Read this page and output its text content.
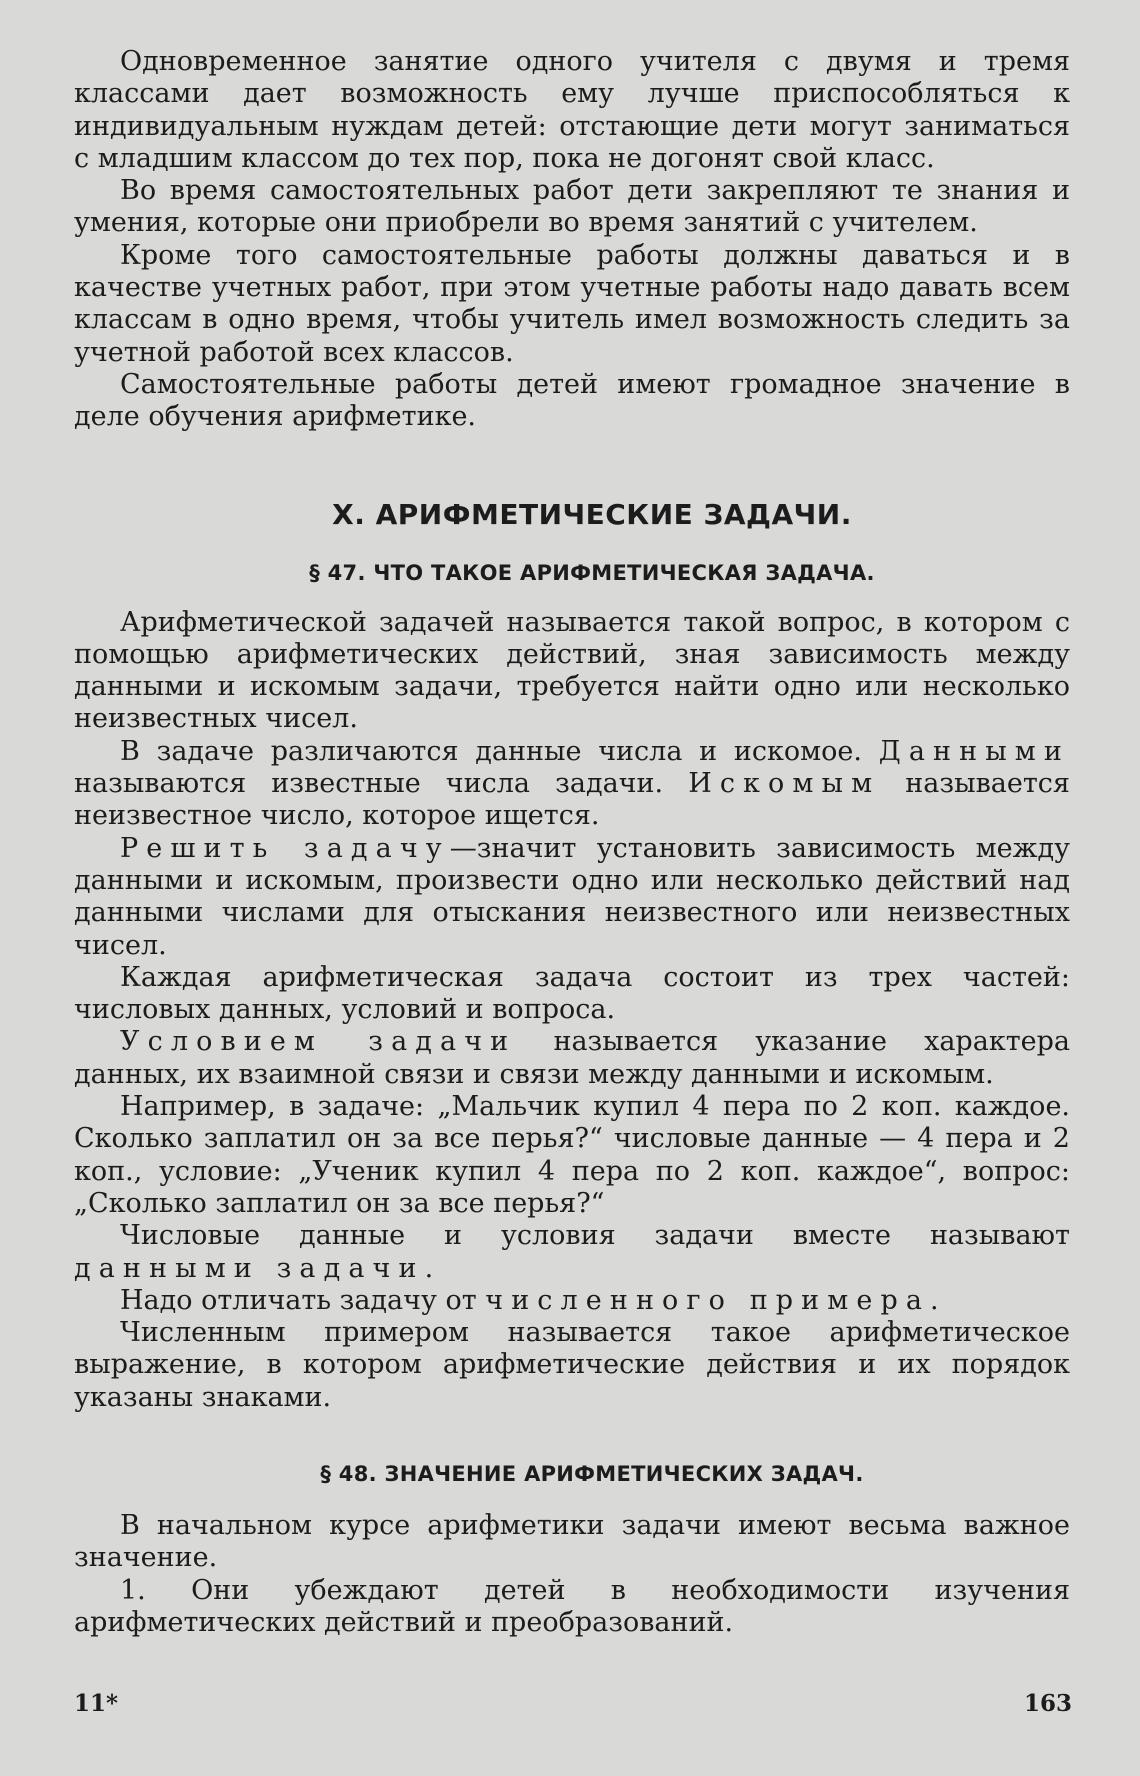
Одновременное занятие одного учителя с двумя и тремя классами дает возможность ему лучше приспособляться к индивидуальным нуждам детей: отстающие дети могут заниматься с младшим классом до тех пор, пока не догонят свой класс.

Во время самостоятельных работ дети закрепляют те знания и умения, которые они приобрели во время занятий с учителем.

Кроме того самостоятельные работы должны даваться и в качестве учетных работ, при этом учетные работы надо давать всем классам в одно время, чтобы учитель имел возможность следить за учетной работой всех классов.

Самостоятельные работы детей имеют громадное значение в деле обучения арифметике.

X. АРИФМЕТИЧЕСКИЕ ЗАДАЧИ.
§ 47. ЧТО ТАКОЕ АРИФМЕТИЧЕСКАЯ ЗАДАЧА.

Арифметической задачей называется такой вопрос, в котором с помощью арифметических действий, зная зависимость между данными и искомым задачи, требуется найти одно или несколько неизвестных чисел.

В задаче различаются данные числа и искомое. Данными называются известные числа задачи. Искомым называется неизвестное число, которое ищется.

Решить задачу—значит установить зависимость между данными и искомым, произвести одно или несколько действий над данными числами для отыскания неизвестного или неизвестных чисел.

Каждая арифметическая задача состоит из трех частей: числовых данных, условий и вопроса.

Условием задачи называется указание характера данных, их взаимной связи и связи между данными и искомым.

Например, в задаче: „Мальчик купил 4 пера по 2 коп. каждое. Сколько заплатил он за все перья?“ числовые данные — 4 пера и 2 коп., условие: „Ученик купил 4 пера по 2 коп. каждое“, вопрос: „Сколько заплатил он за все перья?“

Числовые данные и условия задачи вместе называют данными задачи.

Надо отличать задачу от численного примера.

Численным примером называется такое арифметическое выражение, в котором арифметические действия и их порядок указаны знаками.

§ 48. ЗНАЧЕНИЕ АРИФМЕТИЧЕСКИХ ЗАДАЧ.

В начальном курсе арифметики задачи имеют весьма важное значение.

1. Они убеждают детей в необходимости изучения арифметических действий и преобразований.

11*	163
